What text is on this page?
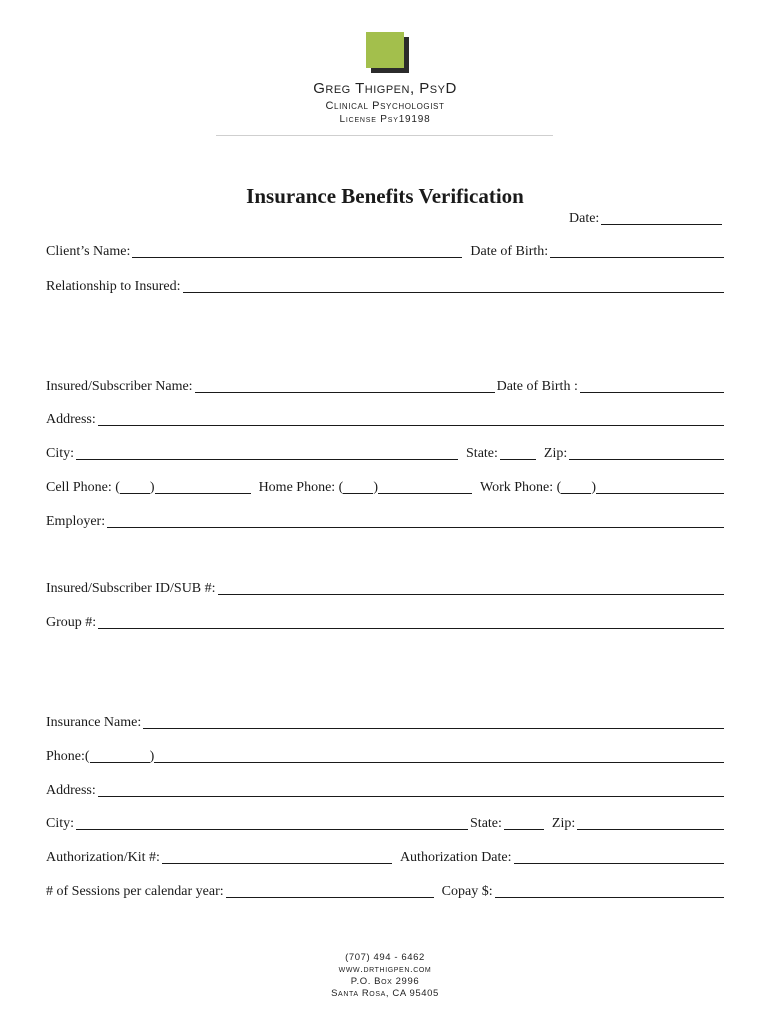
Greg Thigpen, PsyD
Clinical Psychologist
License Psy19198
Insurance Benefits Verification
Date:
Client’s Name:	Date of Birth:
Relationship to Insured:
Insured/Subscriber Name:	Date of Birth :
Address:
City:	State:	Zip:
Cell Phone: ( )	Home Phone: ( )	Work Phone: ( )
Employer:
Insured/Subscriber ID/SUB #:
Group #:
Insurance Name:
Phone:(	)
Address:
City:	State:	Zip:
Authorization/Kit #:	Authorization Date:
# of Sessions per calendar year:	Copay $:
(707) 494 - 6462
www.drthigpen.com
P.O. Box 2996
Santa Rosa, CA 95405
